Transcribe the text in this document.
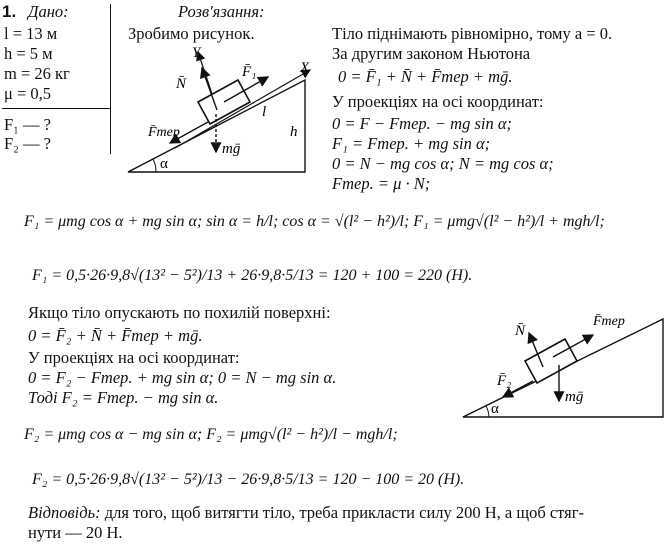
1. Дано:
l = 13 м
h = 5 м
m = 26 кг
μ = 0,5
F₁ — ?
F₂ — ?
Розв'язання:
Зробимо рисунок.
Y
X
N̄
F̄₁
F̄тер
mḡ
l
h
α
Тіло піднімають рівномірно, тому a = 0.
За другим законом Ньютона
0 = F̄₁ + N̄ + F̄тер + mḡ.
У проекціях на осі координат:
0 = F − Fтер. − mg sin α;
F₁ = Fтер. + mg sin α;
0 = N − mg cos α; N = mg cos α;
Fтер. = μ · N;
F₁ = μmg cos α + mg sin α; sin α = h/l; cos α = √(l² − h²)/l; F₁ = μmg√(l² − h²)/l + mgh/l;
F₁ = 0,5·26·9,8√(13² − 5²)/13 + 26·9,8·5/13 = 120 + 100 = 220 (Н).
Якщо тіло опускають по похилій поверхні:
0 = F̄₂ + N̄ + F̄тер + mḡ.
У проекціях на осі координат:
0 = F₂ − Fтер. + mg sin α; 0 = N − mg sin α.
Тоді F₂ = Fтер. − mg sin α.
N̄
F̄тер
F̄₂
mḡ
α
F₂ = μmg cos α − mg sin α; F₂ = μmg√(l² − h²)/l − mgh/l;
F₂ = 0,5·26·9,8√(13² − 5²)/13 − 26·9,8·5/13 = 120 − 100 = 20 (Н).
Відповідь: для того, щоб витягти тіло, треба прикласти силу 200 Н, а щоб стяг-
нути — 20 Н.
